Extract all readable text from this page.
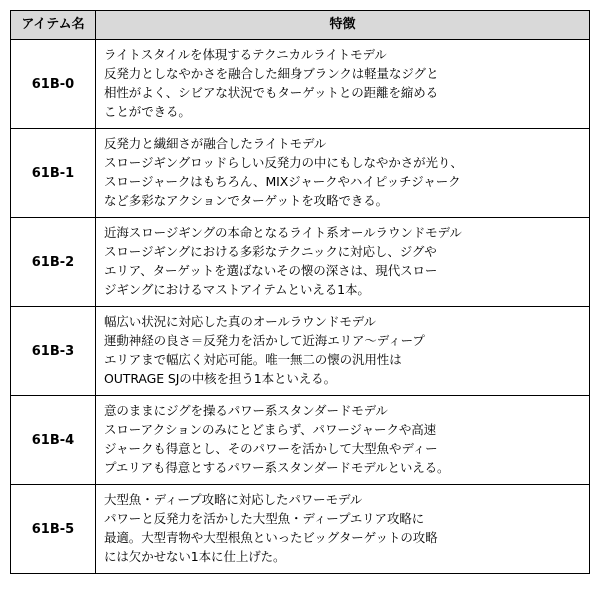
アイテム名	特徴
61B-0	ライトスタイルを体現するテクニカルライトモデル
反発力としなやかさを融合した細身ブランクは軽量なジグと
相性がよく、シビアな状況でもターゲットとの距離を縮める
ことができる。

61B-1	反発力と繊細さが融合したライトモデル
スロージギングロッドらしい反発力の中にもしなやかさが光り、
スロージャークはもちろん、MIXジャークやハイピッチジャーク
など多彩なアクションでターゲットを攻略できる。

61B-2	近海スロージギングの本命となるライト系オールラウンドモデル
スロージギングにおける多彩なテクニックに対応し、ジグや
エリア、ターゲットを選ばないその懐の深さは、現代スロー
ジギングにおけるマストアイテムといえる1本。

61B-3	幅広い状況に対応した真のオールラウンドモデル
運動神経の良さ＝反発力を活かして近海エリア〜ディープ
エリアまで幅広く対応可能。唯一無二の懐の汎用性は
OUTRAGE SJの中核を担う1本といえる。

61B-4	意のままにジグを操るパワー系スタンダードモデル
スローアクションのみにとどまらず、パワージャークや高速
ジャークも得意とし、そのパワーを活かして大型魚やディー
プエリアも得意とするパワー系スタンダードモデルといえる。

61B-5	大型魚・ディープ攻略に対応したパワーモデル
パワーと反発力を活かした大型魚・ディープエリア攻略に
最適。大型青物や大型根魚といったビッグターゲットの攻略
には欠かせない1本に仕上げた。
